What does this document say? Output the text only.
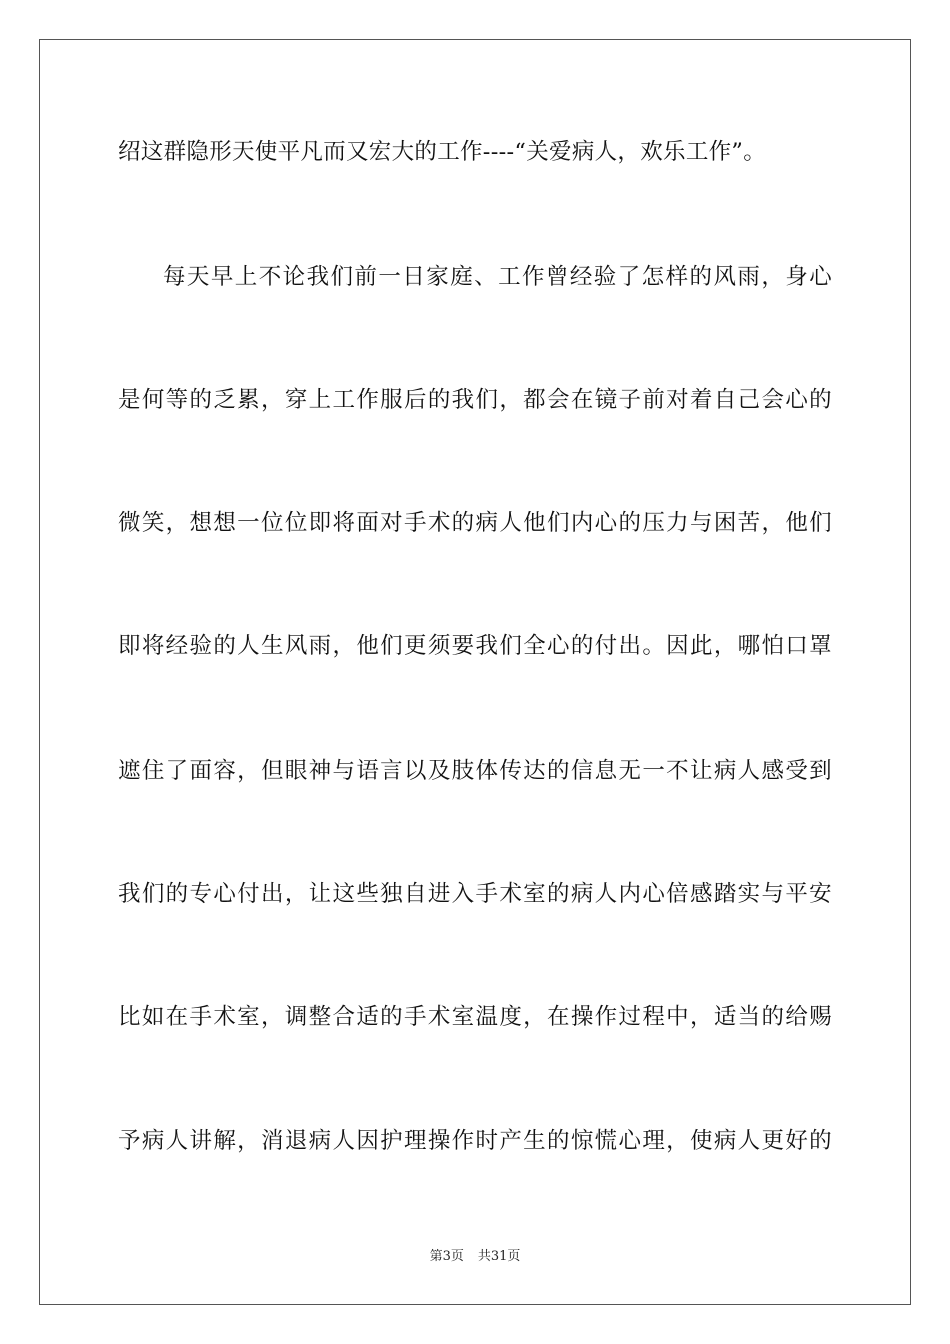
绍这群隐形天使平凡而又宏大的工作----“关爱病人，欢乐工作”。
每天早上不论我们前一日家庭、工作曾经验了怎样的风雨，身心
是何等的乏累，穿上工作服后的我们，都会在镜子前对着自己会心的
微笑，想想一位位即将面对手术的病人他们内心的压力与困苦，他们
即将经验的人生风雨，他们更须要我们全心的付出。因此，哪怕口罩
遮住了面容，但眼神与语言以及肢体传达的信息无一不让病人感受到
我们的专心付出，让这些独自进入手术室的病人内心倍感踏实与平安
比如在手术室，调整合适的手术室温度，在操作过程中，适当的给赐
予病人讲解，消退病人因护理操作时产生的惊慌心理，使病人更好的
第3页 共31页
